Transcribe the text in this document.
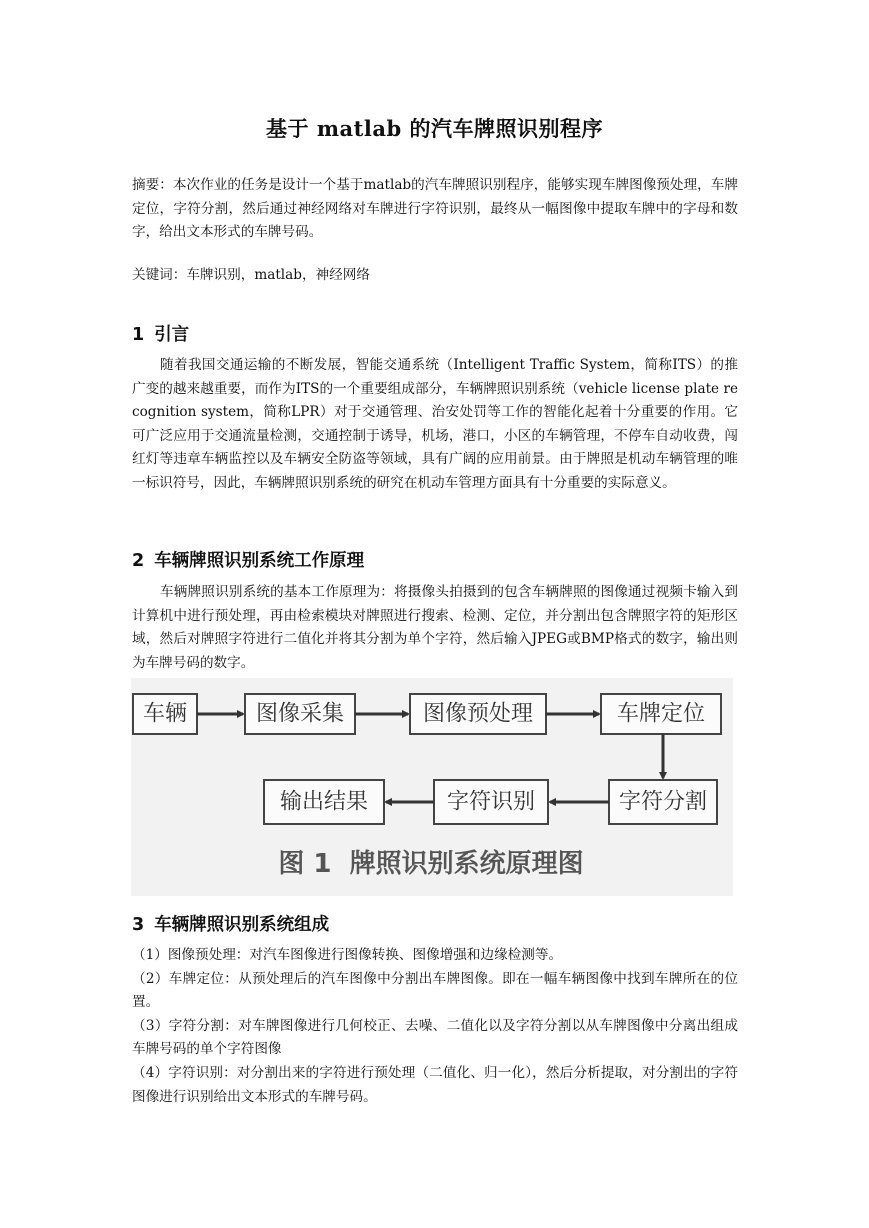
基于 matlab 的汽车牌照识别程序
摘要：本次作业的任务是设计一个基于matlab的汽车牌照识别程序，能够实现车牌图像预处理，车牌定位，字符分割，然后通过神经网络对车牌进行字符识别，最终从一幅图像中提取车牌中的字母和数字，给出文本形式的车牌号码。
关键词：车牌识别，matlab，神经网络
1 引言
随着我国交通运输的不断发展，智能交通系统（Intelligent Traffic System，简称ITS）的推广变的越来越重要，而作为ITS的一个重要组成部分，车辆牌照识别系统（vehicle license plate recognition system，简称LPR）对于交通管理、治安处罚等工作的智能化起着十分重要的作用。它可广泛应用于交通流量检测，交通控制于诱导，机场，港口，小区的车辆管理，不停车自动收费，闯红灯等违章车辆监控以及车辆安全防盗等领域，具有广阔的应用前景。由于牌照是机动车辆管理的唯一标识符号，因此，车辆牌照识别系统的研究在机动车管理方面具有十分重要的实际意义。
2 车辆牌照识别系统工作原理
车辆牌照识别系统的基本工作原理为：将摄像头拍摄到的包含车辆牌照的图像通过视频卡输入到计算机中进行预处理，再由检索模块对牌照进行搜索、检测、定位，并分割出包含牌照字符的矩形区域，然后对牌照字符进行二值化并将其分割为单个字符，然后输入JPEG或BMP格式的数字，输出则为车牌号码的数字。
车辆	图像采集	图像预处理	车牌定位
字符分割
字符识别
输出结果
图 1  牌照识别系统原理图
3 车辆牌照识别系统组成
（1）图像预处理：对汽车图像进行图像转换、图像增强和边缘检测等。
（2）车牌定位：从预处理后的汽车图像中分割出车牌图像。即在一幅车辆图像中找到车牌所在的位置。
（3）字符分割：对车牌图像进行几何校正、去噪、二值化以及字符分割以从车牌图像中分离出组成车牌号码的单个字符图像
（4）字符识别：对分割出来的字符进行预处理（二值化、归一化），然后分析提取，对分割出的字符图像进行识别给出文本形式的车牌号码。
